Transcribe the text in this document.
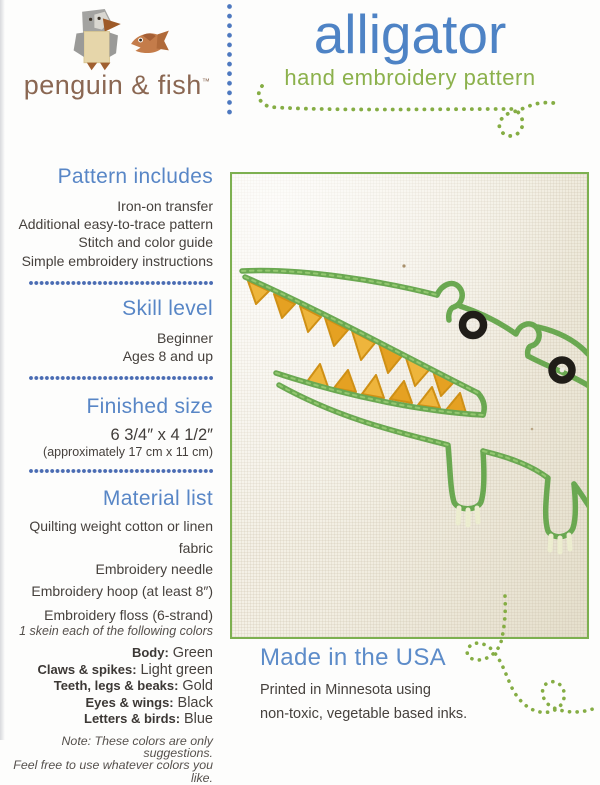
penguin & fish™
alligator
hand embroidery pattern
Pattern includes
Iron-on transfer
Additional easy-to-trace pattern
Stitch and color guide
Simple embroidery instructions
Skill level
Beginner
Ages 8 and up
Finished size
6 3/4″ x 4 1/2″
(approximately 17 cm x 11 cm)
Material list
Quilting weight cotton or linen fabric
Embroidery needle
Embroidery hoop (at least 8″)
Embroidery floss (6-strand)
1 skein each of the following colors
Body: Green
Claws & spikes: Light green
Teeth, legs & beaks: Gold
Eyes & wings: Black
Letters & birds: Blue
Note: These colors are only suggestions.
Feel free to use whatever colors you like.
Made in the USA
Printed in Minnesota using
non-toxic, vegetable based inks.
